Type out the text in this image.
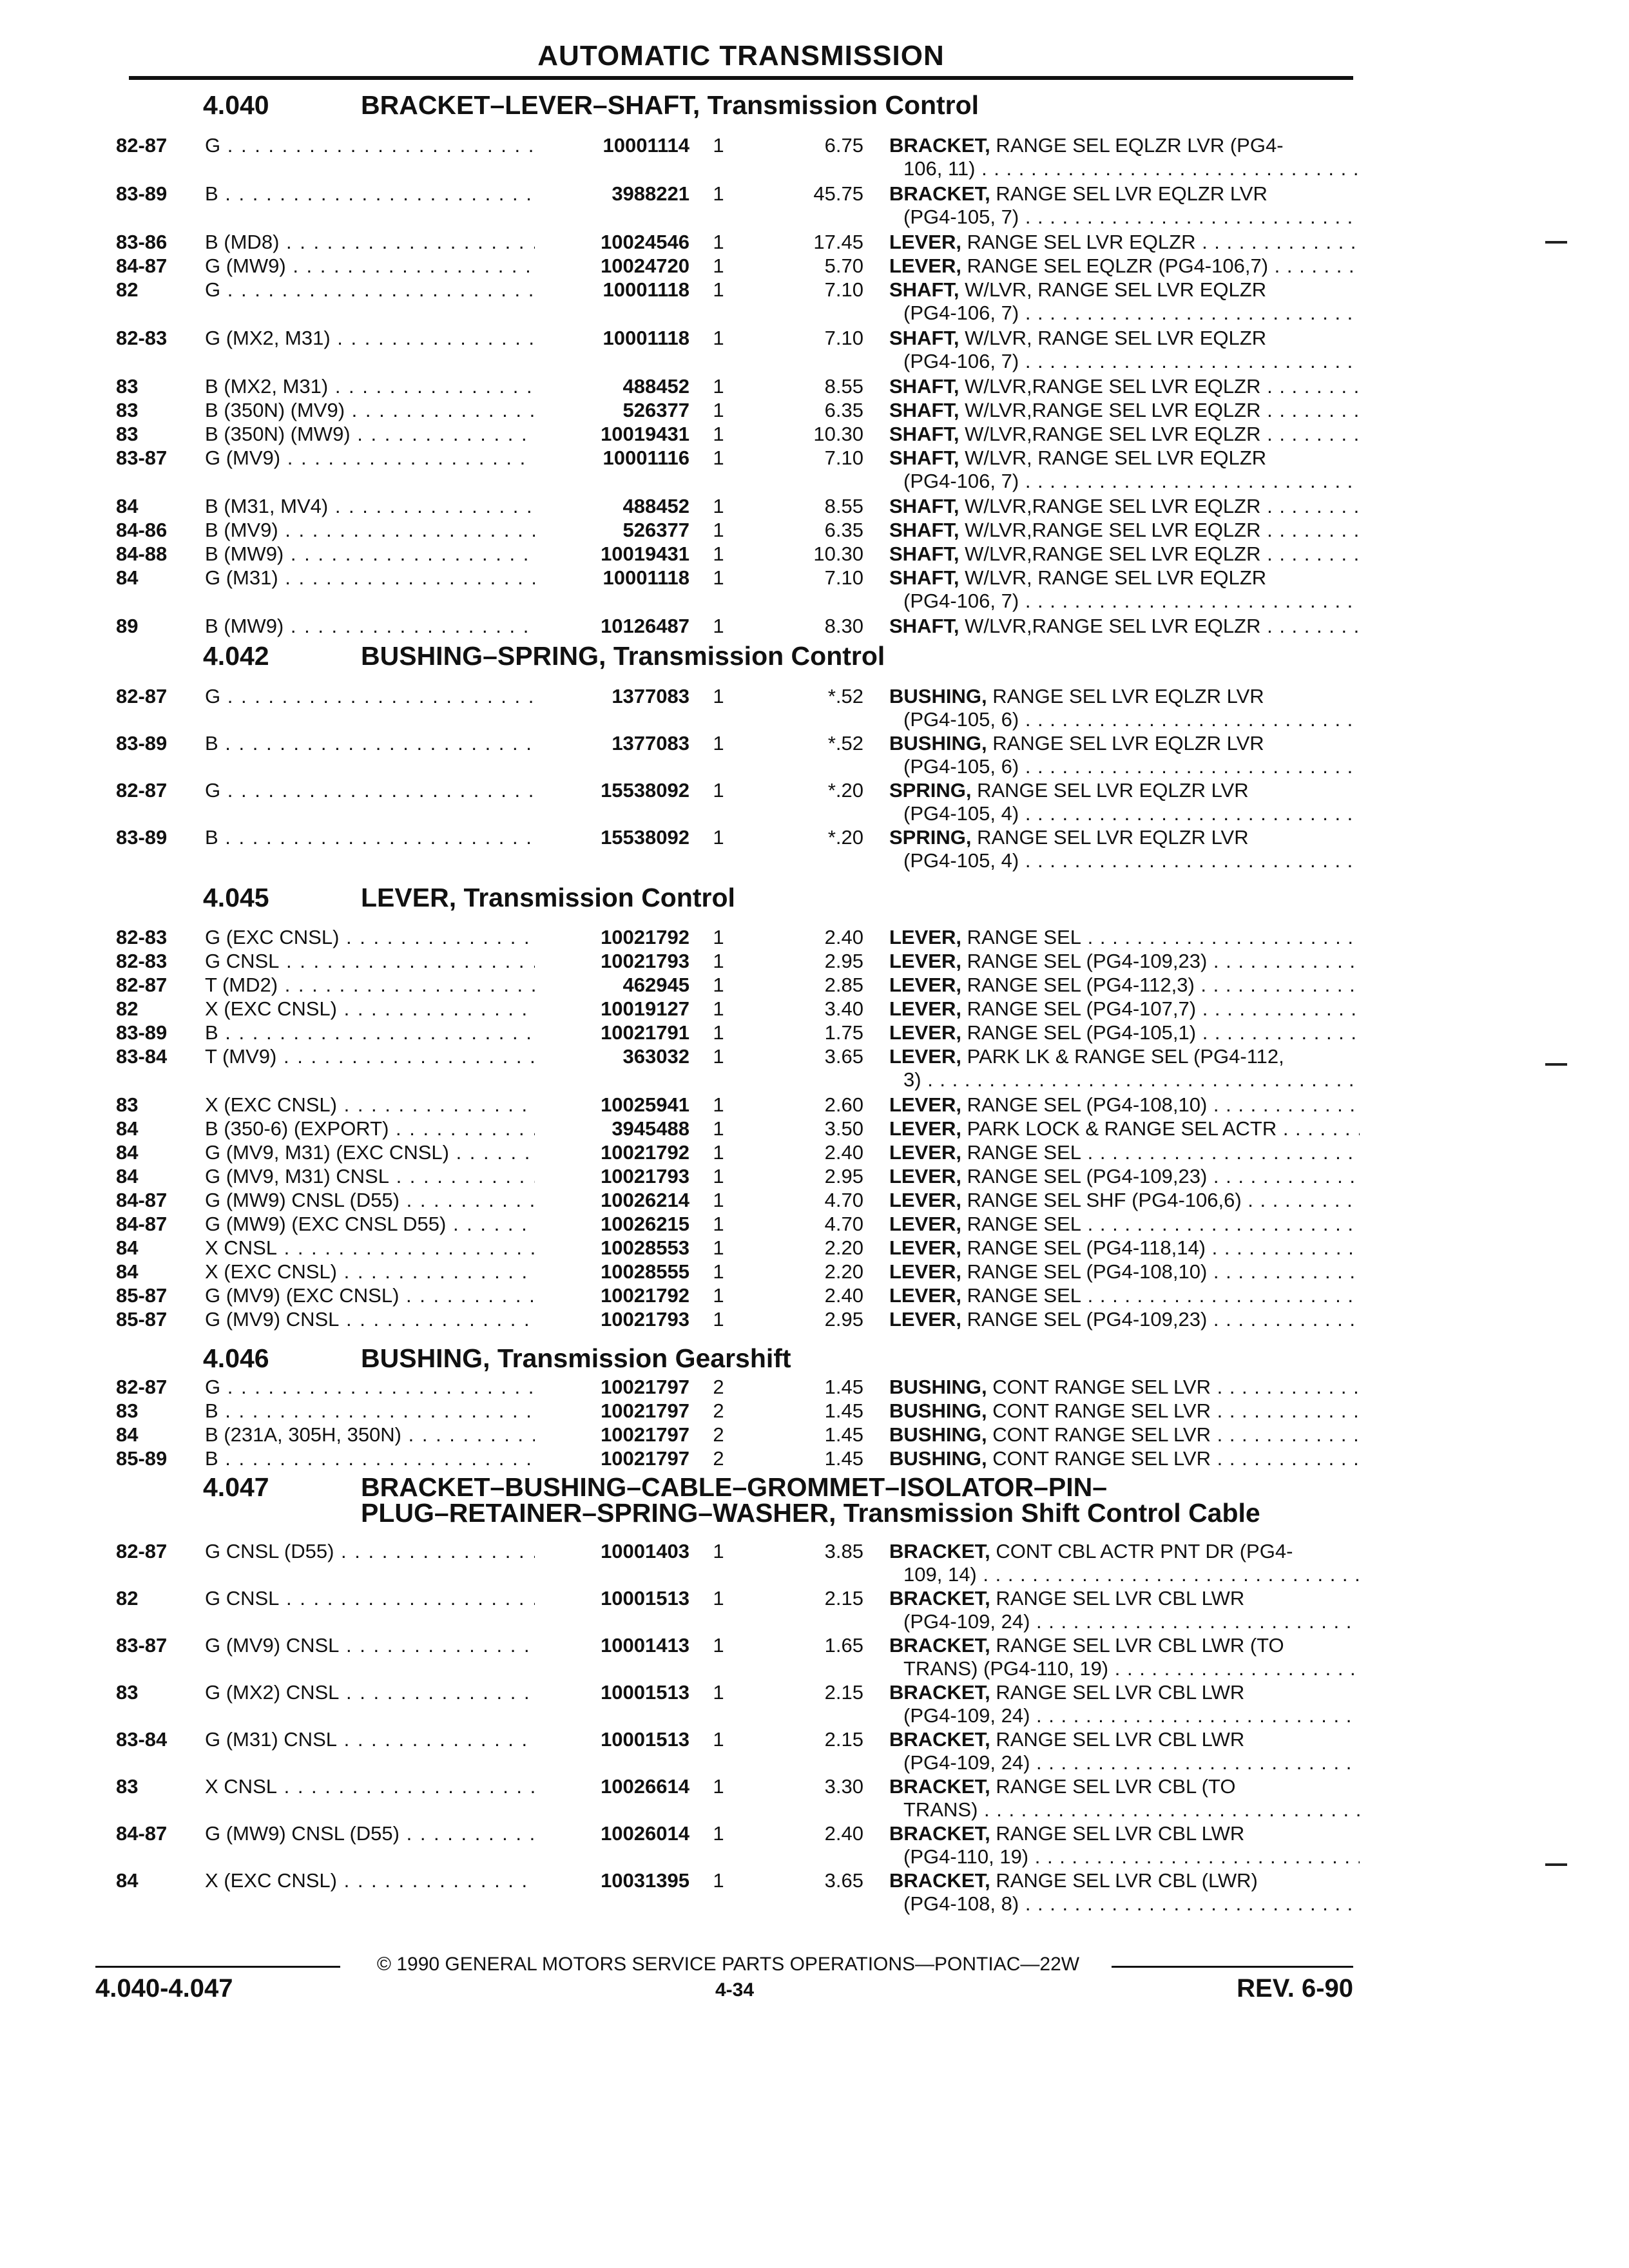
AUTOMATIC TRANSMISSION
4.040	BRACKET–LEVER–SHAFT, Transmission Control
82-87	G . . .	10001114	1	6.75 BRACKET, RANGE SEL EQLZR LVR (PG4-
106, 11) . . .
83-89	B . . .	3988221	1	45.75 BRACKET, RANGE SEL LVR EQLZR LVR
(PG4-105, 7) . . .
83-86	B (MD8) . . .	10024546	1	17.45 LEVER, RANGE SEL LVR EQLZR . . .
84-87	G (MW9) . . .	10024720	1	5.70 LEVER, RANGE SEL EQLZR (PG4-106,7) . . .
82	G . . .	10001118	1	7.10 SHAFT, W/LVR, RANGE SEL LVR EQLZR
(PG4-106, 7) . . .
82-83	G (MX2, M31) . . .	10001118	1	7.10 SHAFT, W/LVR, RANGE SEL LVR EQLZR
(PG4-106, 7) . . .
83	B (MX2, M31) . . .	488452	1	8.55 SHAFT, W/LVR,RANGE SEL LVR EQLZR . . .
83	B (350N) (MV9) . . .	526377	1	6.35 SHAFT, W/LVR,RANGE SEL LVR EQLZR . . .
83	B (350N) (MW9) . . .	10019431	1	10.30 SHAFT, W/LVR,RANGE SEL LVR EQLZR . . .
83-87	G (MV9) . . .	10001116	1	7.10 SHAFT, W/LVR, RANGE SEL LVR EQLZR
(PG4-106, 7) . . .
84	B (M31, MV4) . . .	488452	1	8.55 SHAFT, W/LVR,RANGE SEL LVR EQLZR . . .
84-86	B (MV9) . . .	526377	1	6.35 SHAFT, W/LVR,RANGE SEL LVR EQLZR . . .
84-88	B (MW9) . . .	10019431	1	10.30 SHAFT, W/LVR,RANGE SEL LVR EQLZR . . .
84	G (M31) . . .	10001118	1	7.10 SHAFT, W/LVR, RANGE SEL LVR EQLZR
(PG4-106, 7) . . .
89	B (MW9) . . .	10126487	1	8.30 SHAFT, W/LVR,RANGE SEL LVR EQLZR . . .
4.042	BUSHING–SPRING, Transmission Control
82-87	G . . .	1377083	1	*.52 BUSHING, RANGE SEL LVR EQLZR LVR
(PG4-105, 6) . . .
83-89	B . . .	1377083	1	*.52 BUSHING, RANGE SEL LVR EQLZR LVR
(PG4-105, 6) . . .
82-87	G . . .	15538092	1	*.20 SPRING, RANGE SEL LVR EQLZR LVR
(PG4-105, 4) . . .
83-89	B . . .	15538092	1	*.20 SPRING, RANGE SEL LVR EQLZR LVR
(PG4-105, 4) . . .
4.045	LEVER, Transmission Control
82-83	G (EXC CNSL) . . .	10021792	1	2.40 LEVER, RANGE SEL . . .
82-83	G CNSL . . .	10021793	1	2.95 LEVER, RANGE SEL (PG4-109,23) . . .
82-87	T (MD2) . . .	462945	1	2.85 LEVER, RANGE SEL (PG4-112,3) . . .
82	X (EXC CNSL) . . .	10019127	1	3.40 LEVER, RANGE SEL (PG4-107,7) . . .
83-89	B . . .	10021791	1	1.75 LEVER, RANGE SEL (PG4-105,1) . . .
83-84	T (MV9) . . .	363032	1	3.65 LEVER, PARK LK & RANGE SEL (PG4-112,
3) . . .
83	X (EXC CNSL) . . .	10025941	1	2.60 LEVER, RANGE SEL (PG4-108,10) . . .
84	B (350-6) (EXPORT) . . .	3945488	1	3.50 LEVER, PARK LOCK & RANGE SEL ACTR . . .
84	G (MV9, M31) (EXC CNSL) . . .	10021792	1	2.40 LEVER, RANGE SEL . . .
84	G (MV9, M31) CNSL . . .	10021793	1	2.95 LEVER, RANGE SEL (PG4-109,23) . . .
84-87	G (MW9) CNSL (D55) . . .	10026214	1	4.70 LEVER, RANGE SEL SHF (PG4-106,6) . . .
84-87	G (MW9) (EXC CNSL D55) . . .	10026215	1	4.70 LEVER, RANGE SEL . . .
84	X CNSL . . .	10028553	1	2.20 LEVER, RANGE SEL (PG4-118,14) . . .
84	X (EXC CNSL) . . .	10028555	1	2.20 LEVER, RANGE SEL (PG4-108,10) . . .
85-87	G (MV9) (EXC CNSL) . . .	10021792	1	2.40 LEVER, RANGE SEL . . .
85-87	G (MV9) CNSL . . .	10021793	1	2.95 LEVER, RANGE SEL (PG4-109,23) . . .
4.046	BUSHING, Transmission Gearshift
82-87	G . . .	10021797	2	1.45 BUSHING, CONT RANGE SEL LVR . . .
83	B . . .	10021797	2	1.45 BUSHING, CONT RANGE SEL LVR . . .
84	B (231A, 305H, 350N) . . .	10021797	2	1.45 BUSHING, CONT RANGE SEL LVR . . .
85-89	B . . .	10021797	2	1.45 BUSHING, CONT RANGE SEL LVR . . .
4.047	BRACKET–BUSHING–CABLE–GROMMET–ISOLATOR–PIN–
PLUG–RETAINER–SPRING–WASHER, Transmission Shift Control Cable
82-87	G CNSL (D55) . . .	10001403	1	3.85 BRACKET, CONT CBL ACTR PNT DR (PG4-
109, 14) . . .
82	G CNSL . . .	10001513	1	2.15 BRACKET, RANGE SEL LVR CBL LWR
(PG4-109, 24) . . .
83-87	G (MV9) CNSL . . .	10001413	1	1.65 BRACKET, RANGE SEL LVR CBL LWR (TO
TRANS) (PG4-110, 19) . . .
83	G (MX2) CNSL . . .	10001513	1	2.15 BRACKET, RANGE SEL LVR CBL LWR
(PG4-109, 24) . . .
83-84	G (M31) CNSL . . .	10001513	1	2.15 BRACKET, RANGE SEL LVR CBL LWR
(PG4-109, 24) . . .
83	X CNSL . . .	10026614	1	3.30 BRACKET, RANGE SEL LVR CBL (TO
TRANS) . . .
84-87	G (MW9) CNSL (D55) . . .	10026014	1	2.40 BRACKET, RANGE SEL LVR CBL LWR
(PG4-110, 19) . . .
84	X (EXC CNSL) . . .	10031395	1	3.65 BRACKET, RANGE SEL LVR CBL (LWR)
(PG4-108, 8) . . .
© 1990 GENERAL MOTORS SERVICE PARTS OPERATIONS—PONTIAC—22W
4.040-4.047	4-34	REV. 6-90
